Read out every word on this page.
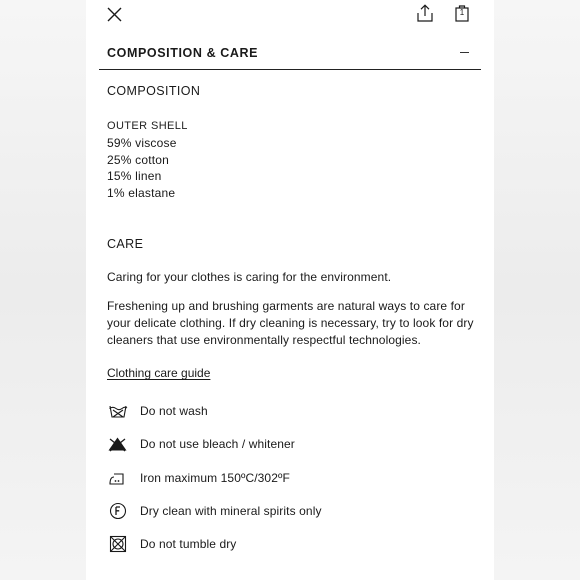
1
COMPOSITION & CARE

COMPOSITION

OUTER SHELL
59% viscose
25% cotton
15% linen
1% elastane

CARE

Caring for your clothes is caring for the environment.

Freshening up and brushing garments are natural ways to care for your delicate clothing. If dry cleaning is necessary, try to look for dry cleaners that use environmentally respectful technologies.

Clothing care guide
Do not wash
Do not use bleach / whitener
Iron maximum 150ºC/302ºF
Dry clean with mineral spirits only
Do not tumble dry
